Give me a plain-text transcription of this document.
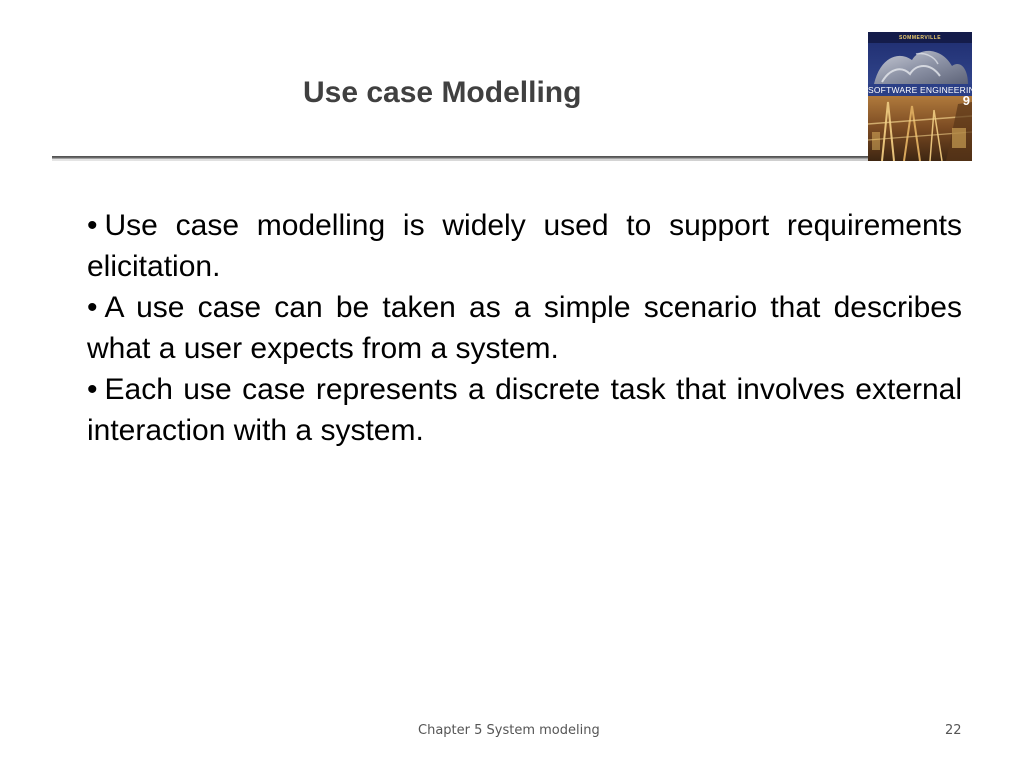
Use case Modelling
SOMMERVILLE
SOFTWARE ENGINEERING
9
• Use case modelling is widely used to support requirements elicitation.
• A use case can be taken as a simple scenario that describes what a user expects from a system.
• Each use case represents a discrete task that involves external interaction with a system.
Chapter 5 System modeling	22
